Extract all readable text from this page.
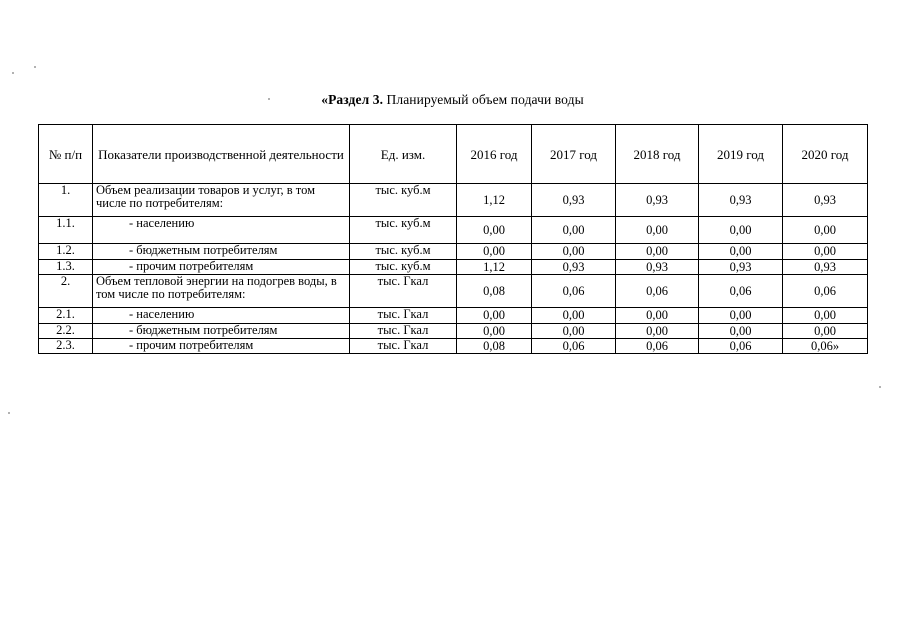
«Раздел 3. Планируемый объем подачи воды
№ п/п	Показатели производственной деятельности	Ед. изм.	2016 год	2017 год	2018 год	2019 год	2020 год
1.	Объем реализации товаров и услуг, в том числе по потребителям:	тыс. куб.м	1,12	0,93	0,93	0,93	0,93
1.1.	- населению	тыс. куб.м	0,00	0,00	0,00	0,00	0,00
1.2.	- бюджетным потребителям	тыс. куб.м	0,00	0,00	0,00	0,00	0,00
1.3.	- прочим потребителям	тыс. куб.м	1,12	0,93	0,93	0,93	0,93
2.	Объем тепловой энергии на подогрев воды, в том числе по потребителям:	тыс. Гкал	0,08	0,06	0,06	0,06	0,06
2.1.	- населению	тыс. Гкал	0,00	0,00	0,00	0,00	0,00
2.2.	- бюджетным потребителям	тыс. Гкал	0,00	0,00	0,00	0,00	0,00
2.3.	- прочим потребителям	тыс. Гкал	0,08	0,06	0,06	0,06	0,06»
